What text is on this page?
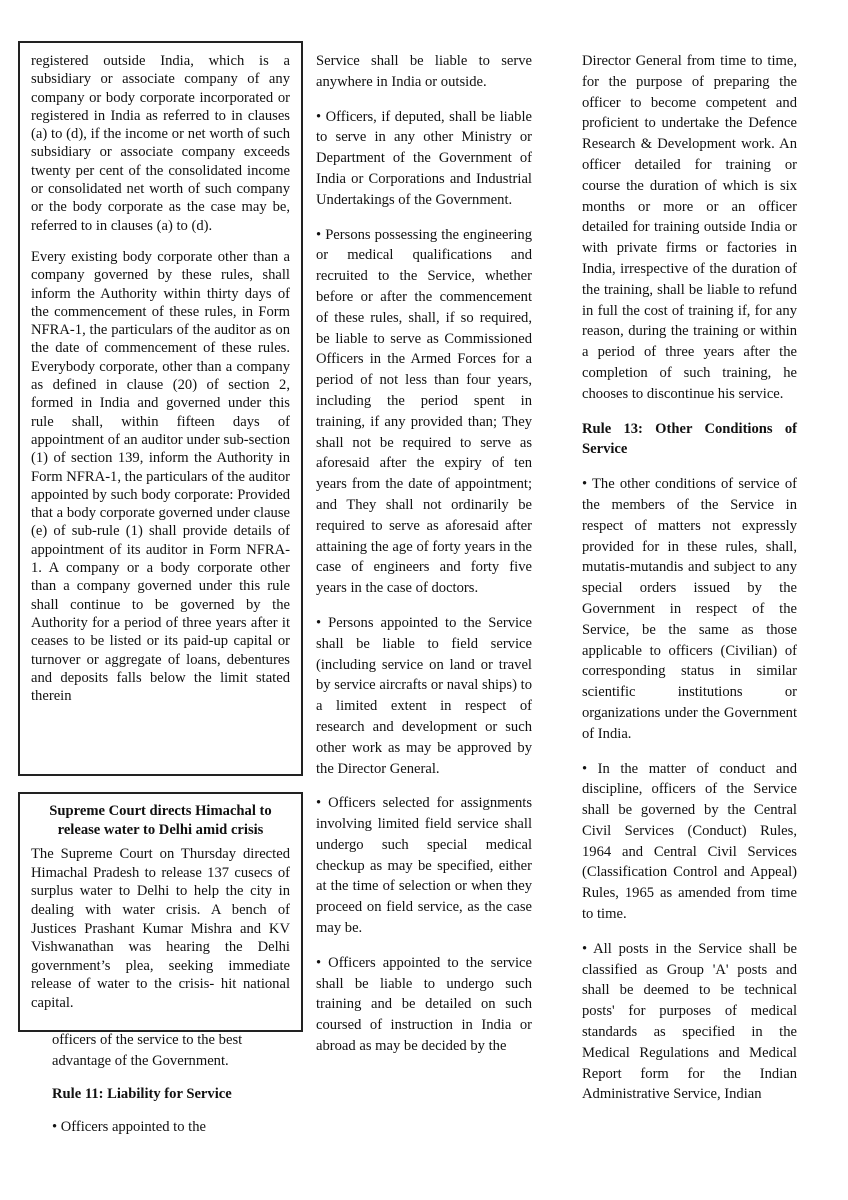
registered outside India, which is a subsidiary or associate company of any company or body corporate incorporated or registered in India as referred to in clauses (a) to (d), if the income or net worth of such subsidiary or associate company exceeds twenty per cent of the consolidated income or consolidated net worth of such company or the body corporate as the case may be, referred to in clauses (a) to (d).

Every existing body corporate other than a company governed by these rules, shall inform the Authority within thirty days of the commencement of these rules, in Form NFRA-1, the particulars of the auditor as on the date of commencement of these rules. Everybody corporate, other than a company as defined in clause (20) of section 2, formed in India and governed under this rule shall, within fifteen days of appointment of an auditor under sub-section (1) of section 139, inform the Authority in Form NFRA-1, the particulars of the auditor appointed by such body corporate: Provided that a body corporate governed under clause (e) of sub-rule (1) shall provide details of appointment of its auditor in Form NFRA-1. A company or a body corporate other than a company governed under this rule shall continue to be governed by the Authority for a period of three years after it ceases to be listed or its paid-up capital or turnover or aggregate of loans, debentures and deposits falls below the limit stated therein

Supreme Court directs Himachal to release water to Delhi amid crisis

The Supreme Court on Thursday directed Himachal Pradesh to release 137 cusecs of surplus water to Delhi to help the city in dealing with water crisis. A bench of Justices Prashant Kumar Mishra and KV Vishwanathan was hearing the Delhi government’s plea, seeking immediate release of water to the crisis- hit national capital.

officers of the service to the best advantage of the Government.

Rule 11: Liability for Service

• Officers appointed to the

Service shall be liable to serve anywhere in India or outside.

• Officers, if deputed, shall be liable to serve in any other Ministry or Department of the Government of India or Corporations and Industrial Undertakings of the Government.

• Persons possessing the engineering or medical qualifications and recruited to the Service, whether before or after the commencement of these rules, shall, if so required, be liable to serve as Commissioned Officers in the Armed Forces for a period of not less than four years, including the period spent in training, if any provided than; They shall not be required to serve as aforesaid after the expiry of ten years from the date of appointment; and They shall not ordinarily be required to serve as aforesaid after attaining the age of forty years in the case of engineers and forty five years in the case of doctors.

• Persons appointed to the Service shall be liable to field service (including service on land or travel by service aircrafts or naval ships) to a limited extent in respect of research and development or such other work as may be approved by the Director General.

• Officers selected for assignments involving limited field service shall undergo such special medical checkup as may be specified, either at the time of selection or when they proceed on field service, as the case may be.

• Officers appointed to the service shall be liable to undergo such training and be detailed on such coursed of instruction in India or abroad as may be decided by the

Director General from time to time, for the purpose of preparing the officer to become competent and proficient to undertake the Defence Research & Development work. An officer detailed for training or course the duration of which is six months or more or an officer detailed for training outside India or with private firms or factories in India, irrespective of the duration of the training, shall be liable to refund in full the cost of training if, for any reason, during the training or within a period of three years after the completion of such training, he chooses to discontinue his service.

Rule 13: Other Conditions of Service

• The other conditions of service of the members of the Service in respect of matters not expressly provided for in these rules, shall, mutatis-mutandis and subject to any special orders issued by the Government in respect of the Service, be the same as those applicable to officers (Civilian) of corresponding status in similar scientific institutions or organizations under the Government of India.

• In the matter of conduct and discipline, officers of the Service shall be governed by the Central Civil Services (Conduct) Rules, 1964 and Central Civil Services (Classification Control and Appeal) Rules, 1965 as amended from time to time.

• All posts in the Service shall be classified as Group 'A' posts and shall be deemed to be technical posts' for purposes of medical standards as specified in the Medical Regulations and Medical Report form for the Indian Administrative Service, Indian
